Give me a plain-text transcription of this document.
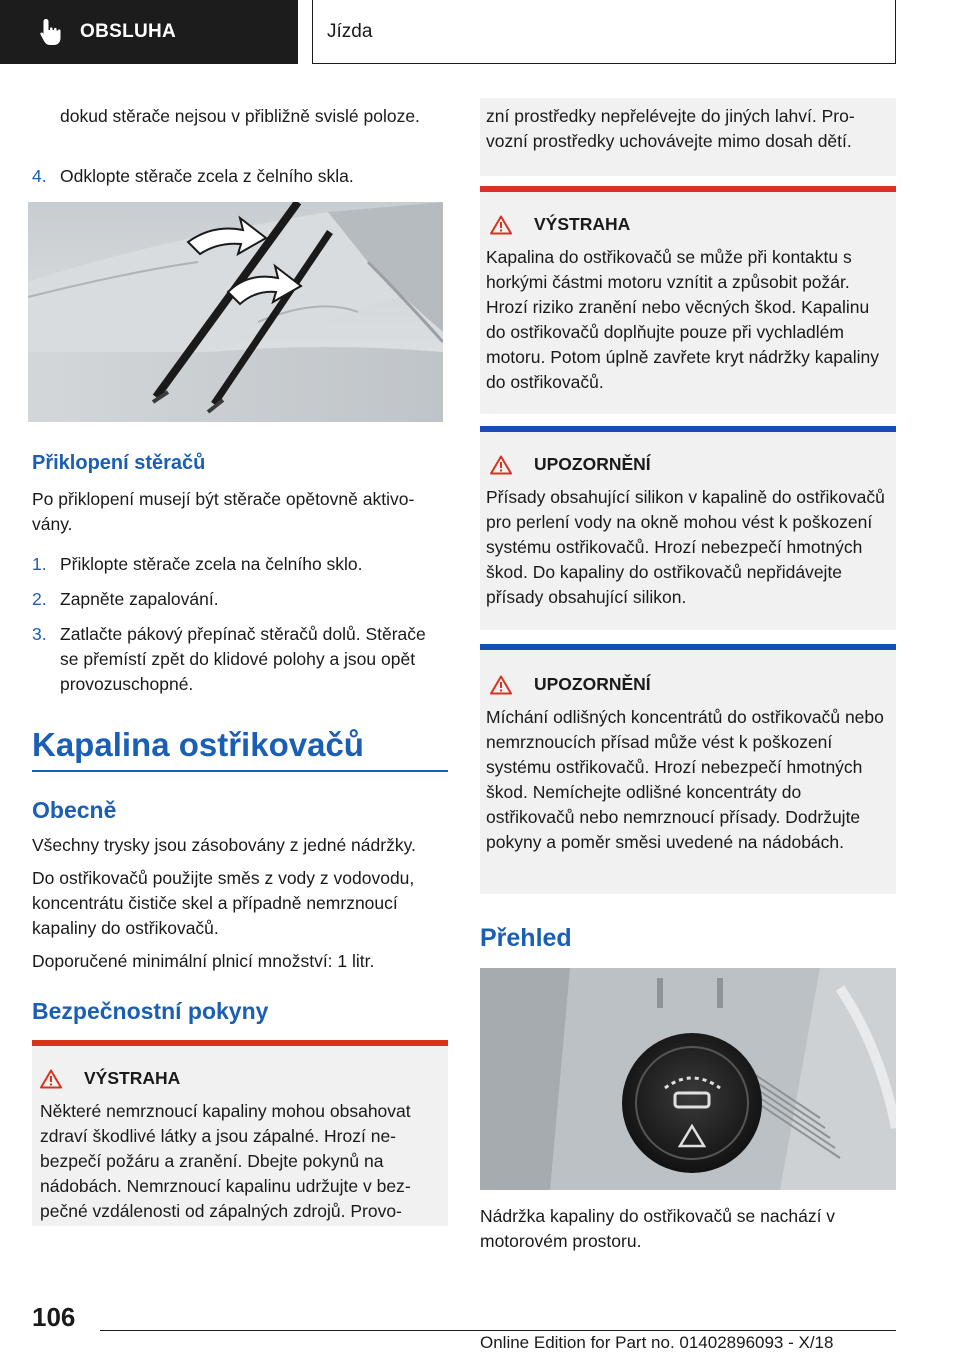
OBSLUHA	Jízda

dokud stěrače nejsou v přibližně svislé poloze.

4. Odklopte stěrače zcela z čelního skla.
Přiklopení stěračů

Po přiklopení musejí být stěrače opětovně aktivovány.

1. Přiklopte stěrače zcela na čelního sklo.
2. Zapněte zapalování.
3. Zatlačte pákový přepínač stěračů dolů. Stěrače se přemístí zpět do klidové polohy a jsou opět provozuschopné.
Kapalina ostřikovačů
Obecně

Všechny trysky jsou zásobovány z jedné nádržky.

Do ostřikovačů použijte směs z vody z vodovodu, koncentrátu čističe skel a případně nemrznoucí kapaliny do ostřikovačů.

Doporučené minimální plnicí množství: 1 litr.

Bezpečnostní pokyny
VÝSTRAHA

Některé nemrznoucí kapaliny mohou obsahovat zdraví škodlivé látky a jsou zápalné. Hrozí nebezpečí požáru a zranění. Dbejte pokynů na nádobách. Nemrznoucí kapalinu udržujte v bezpečné vzdálenosti od zápalných zdrojů. Provo-

zní prostředky nepřelévejte do jiných lahví. Provozní prostředky uchovávejte mimo dosah dětí.

VÝSTRAHA

Kapalina do ostřikovačů se může při kontaktu s horkými částmi motoru vznítit a způsobit požár. Hrozí riziko zranění nebo věcných škod. Kapalinu do ostřikovačů doplňujte pouze při vychladlém motoru. Potom úplně zavřete kryt nádržky kapaliny do ostřikovačů.

UPOZORNĚNÍ

Přísady obsahující silikon v kapalině do ostřikovačů pro perlení vody na okně mohou vést k poškození systému ostřikovačů. Hrozí nebezpečí hmotných škod. Do kapaliny do ostřikovačů nepřidávejte přísady obsahující silikon.

UPOZORNĚNÍ

Míchání odlišných koncentrátů do ostřikovačů nebo nemrznoucích přísad může vést k poškození systému ostřikovačů. Hrozí nebezpečí hmotných škod. Nemíchejte odlišné koncentráty do ostřikovačů nebo nemrznoucí přísady. Dodržujte pokyny a poměr směsi uvedené na nádobách.

Přehled

Nádržka kapaliny do ostřikovačů se nachází v motorovém prostoru.

106
Online Edition for Part no. 01402896093 - X/18
